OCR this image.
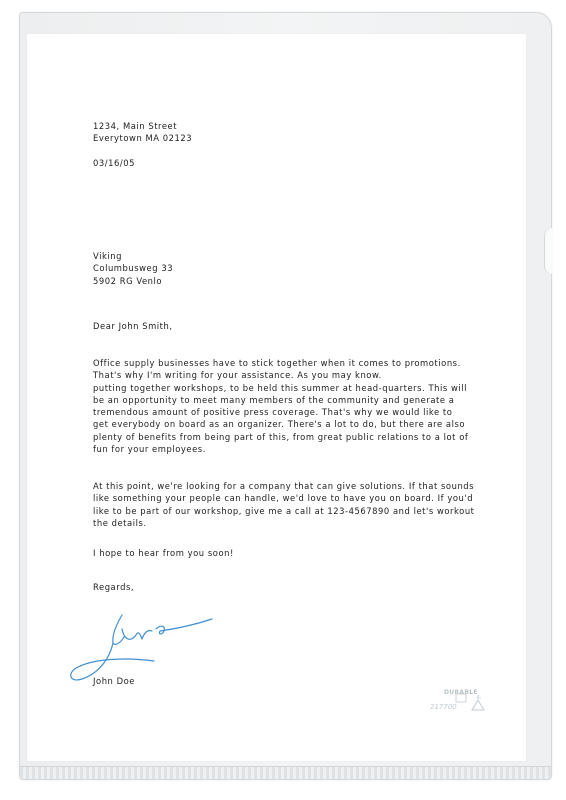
1234, Main Street
Everytown MA 02123
03/16/05
Viking
Columbusweg 33
5902 RG Venlo
Dear John Smith,
Office supply businesses have to stick together when it comes to promotions.
That's why I'm writing for your assistance. As you may know.
putting together workshops, to be held this summer at head-quarters. This will
be an opportunity to meet many members of the community and generate a
tremendous amount of positive press coverage. That's why we would like to
get everybody on board as an organizer. There's a lot to do, but there are also
plenty of benefits from being part of this, from great public relations to a lot of
fun for your employees.
At this point, we're looking for a company that can give solutions. If that sounds
like something your people can handle, we'd love to have you on board. If you'd
like to be part of our workshop, give me a call at 123-4567890 and let's workout
the details.
I hope to hear from you soon!
Regards,
John Doe
DURABLE
217700
